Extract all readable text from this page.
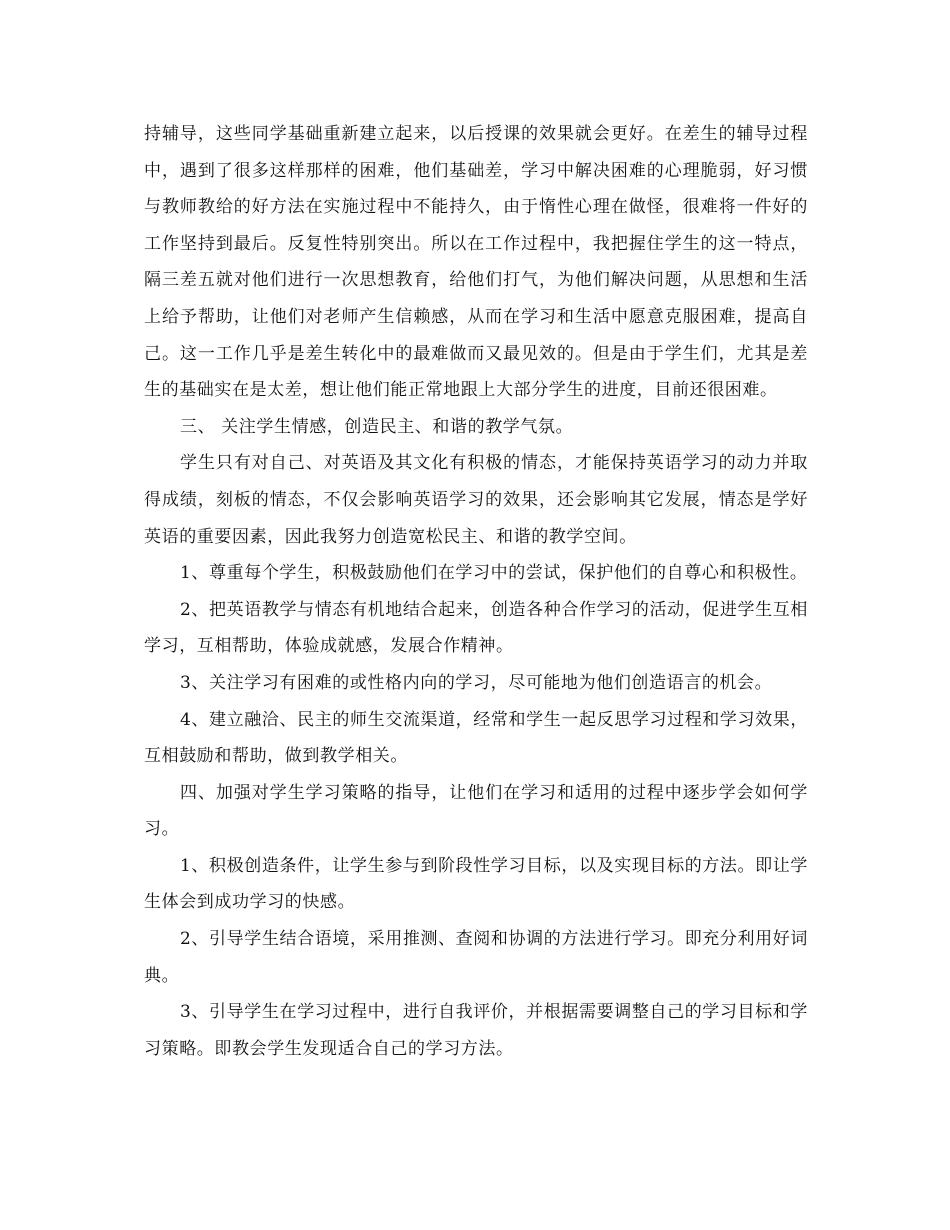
持辅导，这些同学基础重新建立起来，以后授课的效果就会更好。在差生的辅导过程中，遇到了很多这样那样的困难，他们基础差，学习中解决困难的心理脆弱，好习惯与教师教给的好方法在实施过程中不能持久，由于惰性心理在做怪，很难将一件好的工作坚持到最后。反复性特别突出。所以在工作过程中，我把握住学生的这一特点，隔三差五就对他们进行一次思想教育，给他们打气，为他们解决问题，从思想和生活上给予帮助，让他们对老师产生信赖感，从而在学习和生活中愿意克服困难，提高自己。这一工作几乎是差生转化中的最难做而又最见效的。但是由于学生们，尤其是差生的基础实在是太差，想让他们能正常地跟上大部分学生的进度，目前还很困难。

三、 关注学生情感，创造民主、和谐的教学气氛。

学生只有对自己、对英语及其文化有积极的情态，才能保持英语学习的动力并取得成绩，刻板的情态，不仅会影响英语学习的效果，还会影响其它发展，情态是学好英语的重要因素，因此我努力创造宽松民主、和谐的教学空间。

1、尊重每个学生，积极鼓励他们在学习中的尝试，保护他们的自尊心和积极性。

2、把英语教学与情态有机地结合起来，创造各种合作学习的活动，促进学生互相学习，互相帮助，体验成就感，发展合作精神。

3、关注学习有困难的或性格内向的学习，尽可能地为他们创造语言的机会。

4、建立融洽、民主的师生交流渠道，经常和学生一起反思学习过程和学习效果，互相鼓励和帮助，做到教学相关。

四、加强对学生学习策略的指导，让他们在学习和适用的过程中逐步学会如何学习。

1、积极创造条件，让学生参与到阶段性学习目标，以及实现目标的方法。即让学生体会到成功学习的快感。

2、引导学生结合语境，采用推测、查阅和协调的方法进行学习。即充分利用好词典。

3、引导学生在学习过程中，进行自我评价，并根据需要调整自己的学习目标和学习策略。即教会学生发现适合自己的学习方法。
